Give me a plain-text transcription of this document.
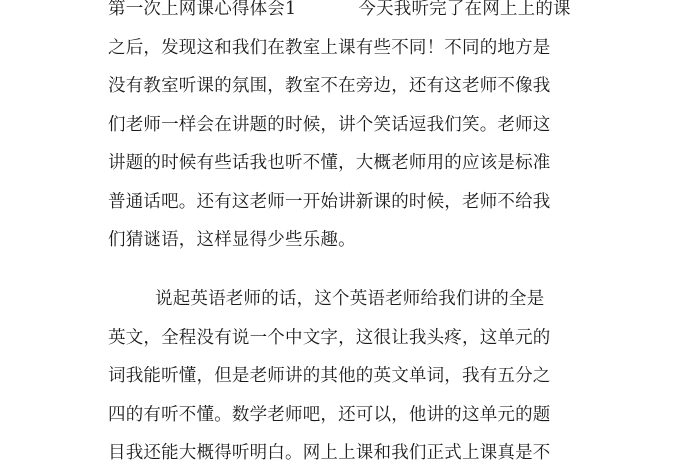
第一次上网课心得体会1	今天我听完了在网上上的课
之后，发现这和我们在教室上课有些不同！不同的地方是
没有教室听课的氛围，教室不在旁边，还有这老师不像我
们老师一样会在讲题的时候，讲个笑话逗我们笑。老师这
讲题的时候有些话我也听不懂，大概老师用的应该是标准
普通话吧。还有这老师一开始讲新课的时候，老师不给我
们猜谜语，这样显得少些乐趣。
说起英语老师的话，这个英语老师给我们讲的全是
英文，全程没有说一个中文字，这很让我头疼，这单元的
词我能听懂，但是老师讲的其他的英文单词，我有五分之
四的有听不懂。数学老师吧，还可以，他讲的这单元的题
目我还能大概得听明白。网上上课和我们正式上课真是不
